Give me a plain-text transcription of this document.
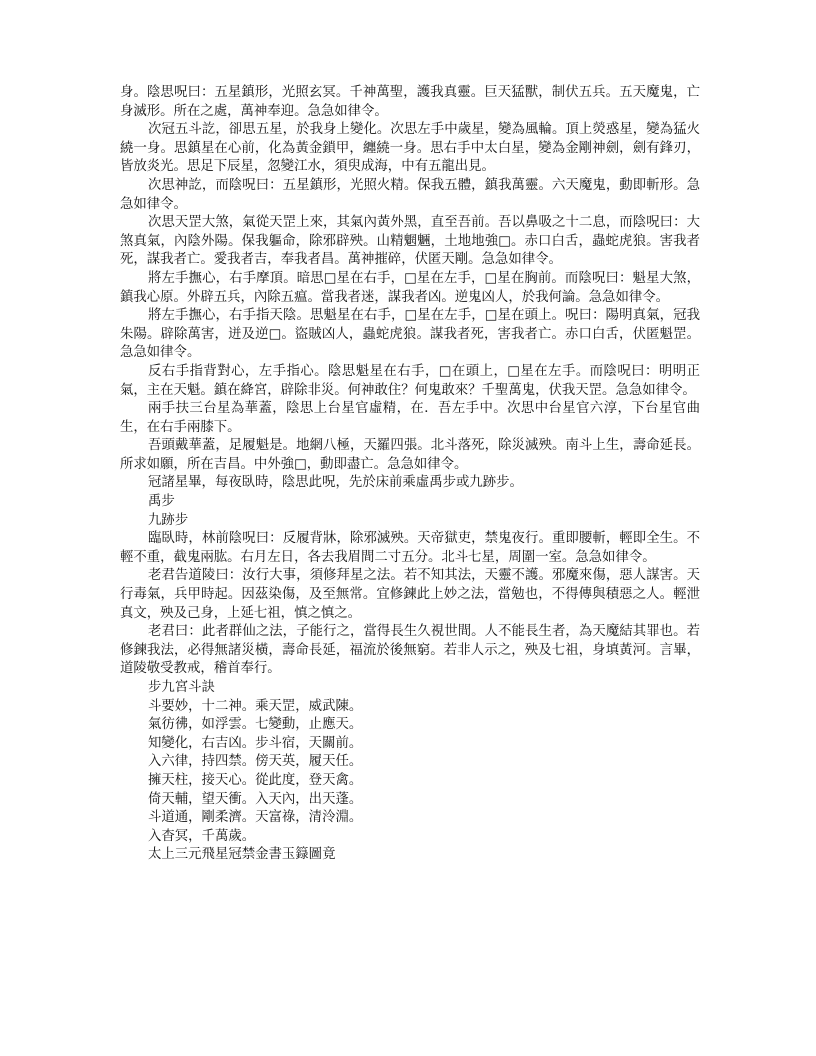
身。陰思呪曰：五星鎮形，光照玄冥。千神萬聖，護我真靈。巨天猛獸，制伏五兵。五天魔鬼，亡身滅形。所在之處，萬神奉迎。急急如律令。

次冠五斗訖，卻思五星，於我身上變化。次思左手中歲星，變為風輪。頂上熒惑星，變為猛火繞一身。思鎮星在心前，化為黃金鎖甲，纏繞一身。思右手中太白星，變為金剛神劍，劍有鋒刃，皆放炎光。思足下辰星，忽變江水，須臾成海，中有五龍出見。

次思神訖，而陰呪曰：五星鎮形，光照火精。保我五體，鎮我萬靈。六天魔鬼，動即斬形。急急如律令。

次思天罡大煞，氣從天罡上來，其氣內黃外黑，直至吾前。吾以鼻吸之十二息，而陰呪曰：大煞真氣，內陰外陽。保我軀命，除邪辟殃。山精魍魎，土地地強□。赤口白舌，蟲蛇虎狼。害我者死，謀我者亡。愛我者吉，奉我者昌。萬神摧碎，伏匿天剛。急急如律令。

將左手撫心，右手摩頂。暗思□星在右手，□星在左手，□星在胸前。而陰呪曰：魁星大煞，鎮我心原。外辟五兵，內除五瘟。當我者迷，謀我者凶。逆鬼凶人，於我何論。急急如律令。

將左手撫心，右手指天陰。思魁星在右手，□星在左手，□星在頭上。呪曰：陽明真氣，冠我朱陽。辟除萬害，迸及逆□。盜賊凶人，蟲蛇虎狼。謀我者死，害我者亡。赤口白舌，伏匿魁罡。急急如律令。

反右手指背對心，左手指心。陰思魁星在右手，□在頭上，□星在左手。而陰呪曰：明明正氣，主在天魁。鎮在絳宮，辟除非災。何神敢住？何鬼敢來？千聖萬鬼，伏我天罡。急急如律令。

兩手扶三台星為華蓋，陰思上台星官虛精，在．吾左手中。次思中台星官六淳，下台星官曲生，在右手兩膝下。

吾頭戴華蓋，足履魁是。地網八極，天羅四張。北斗落死，除災滅殃。南斗上生，壽命延長。所求如願，所在吉昌。中外強□，動即盡亡。急急如律令。

冠諸星畢，每夜臥時，陰思此呪，先於床前乘虛禹步或九跡步。

禹步

九跡步

臨臥時，林前陰呪曰：反履背牀，除邪滅殃。天帝獄吏，禁鬼夜行。重即腰斬，輕即全生。不輕不重，截鬼兩肱。右月左日，各去我眉間二寸五分。北斗七星，周圍一室。急急如律令。

老君告道陵曰：汝行大事，須修拜星之法。若不知其法，天靈不護。邪魔來傷，惡人謀害。天行毒氣，兵甲時起。因茲染傷，及至無常。宜修鍊此上妙之法，當勉也，不得傳與積惡之人。輕泄真文，殃及己身，上延七祖，慎之慎之。

老君曰：此者群仙之法，子能行之，當得長生久視世間。人不能長生者，為天魔結其罪也。若修鍊我法，必得無諸災橫，壽命長延，福流於後無窮。若非人示之，殃及七祖，身填黃河。言畢，道陵敬受教戒，稽首奉行。

步九宮斗訣

斗要妙，十二神。乘天罡，威武陳。

氣彷彿，如浮雲。七變動，止應天。

知變化，右吉凶。步斗宿，天關前。

入六律，持四禁。傍天英，履天任。

擁天柱，接天心。從此度，登天禽。

倚天輔，望天衝。入天內，出天蓬。

斗道通，剛柔濟。天富祿，清泠淵。

入杳冥，千萬歲。

太上三元飛星冠禁金書玉籙圖竟
